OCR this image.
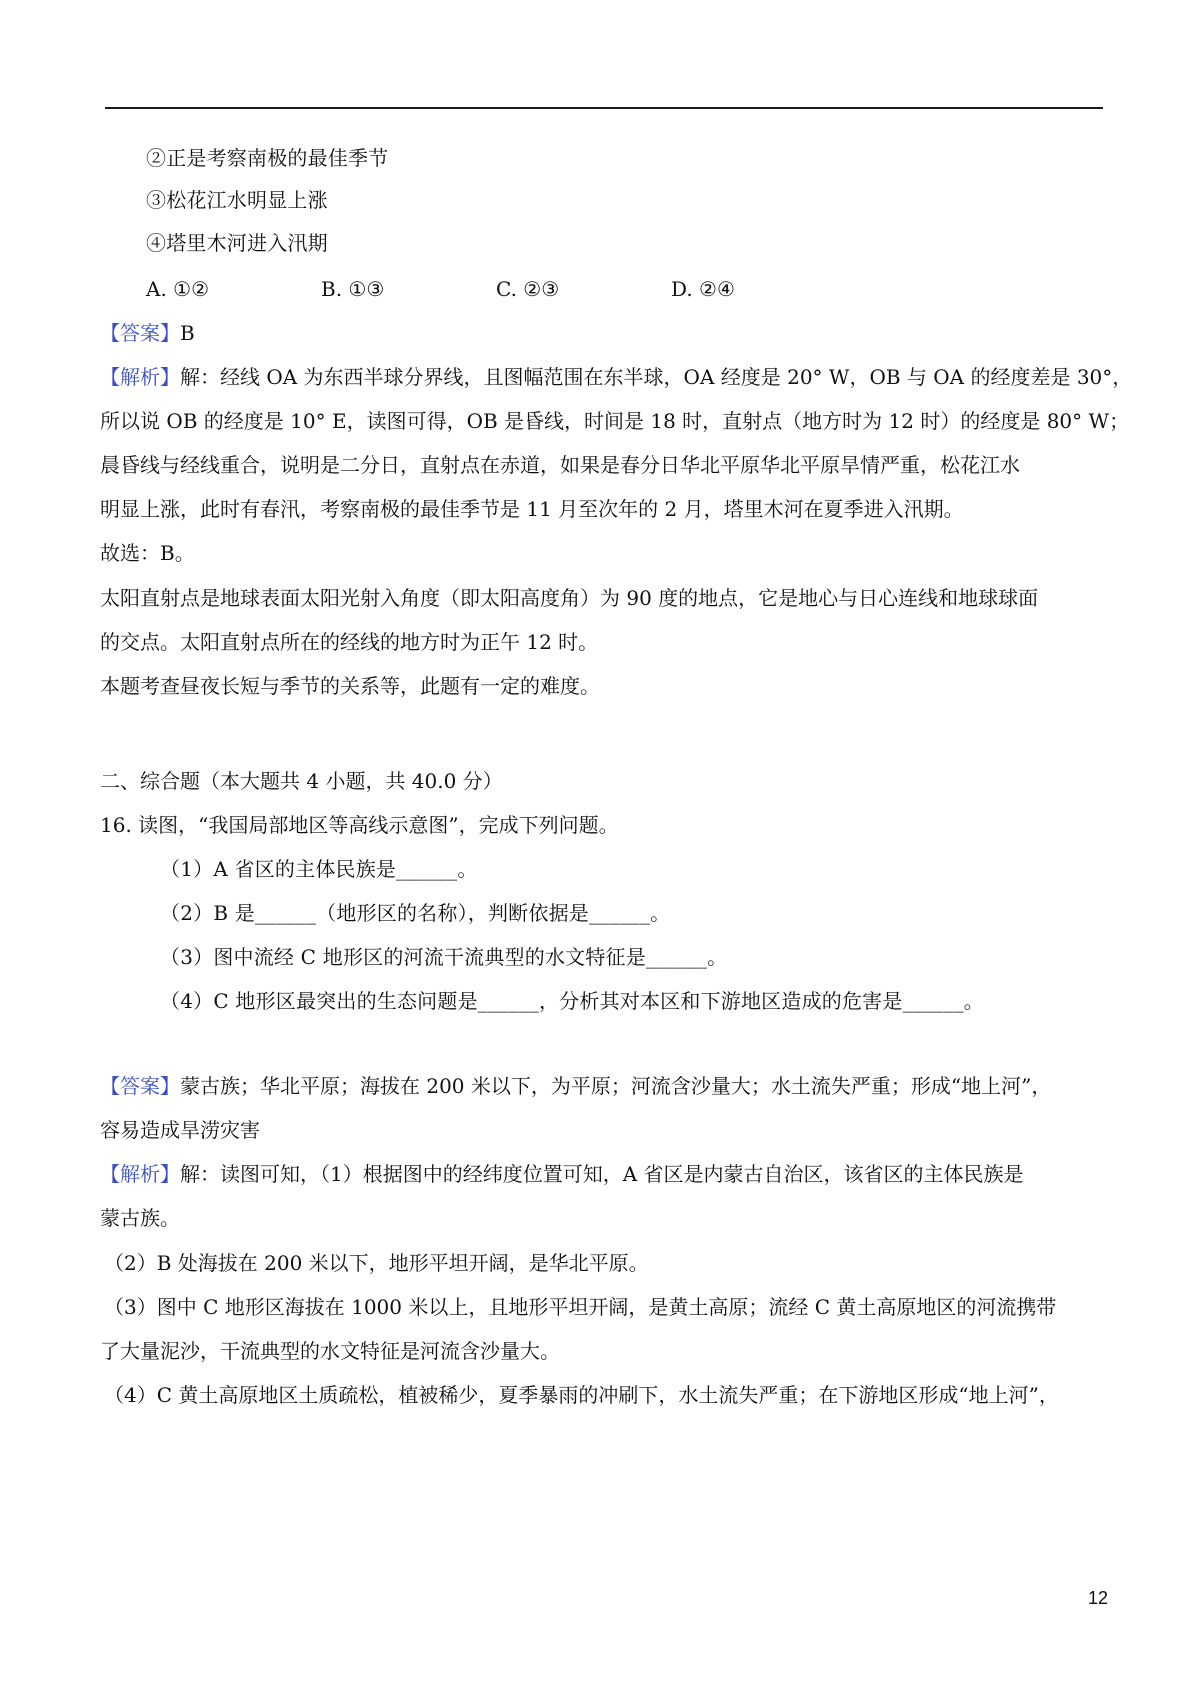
②正是考察南极的最佳季节
③松花江水明显上涨
④塔里木河进入汛期
A. ①②	B. ①③	C. ②③	D. ②④
【答案】B
【解析】解：经线 OA 为东西半球分界线，且图幅范围在东半球，OA 经度是 20° W，OB 与 OA 的经度差是 30°，
所以说 OB 的经度是 10° E，读图可得，OB 是昏线，时间是 18 时，直射点（地方时为 12 时）的经度是 80° W；
晨昏线与经线重合，说明是二分日，直射点在赤道，如果是春分日华北平原华北平原旱情严重，松花江水
明显上涨，此时有春汛，考察南极的最佳季节是 11 月至次年的 2 月，塔里木河在夏季进入汛期。
故选：B。
太阳直射点是地球表面太阳光射入角度（即太阳高度角）为 90 度的地点，它是地心与日心连线和地球球面
的交点。太阳直射点所在的经线的地方时为正午 12 时。
本题考查昼夜长短与季节的关系等，此题有一定的难度。
二、综合题（本大题共 4 小题，共 40.0 分）
16. 读图，“我国局部地区等高线示意图”，完成下列问题。
（1）A 省区的主体民族是______。
（2）B 是______（地形区的名称），判断依据是______。
（3）图中流经 C 地形区的河流干流典型的水文特征是______。
（4）C 地形区最突出的生态问题是______，分析其对本区和下游地区造成的危害是______。
【答案】蒙古族；华北平原；海拔在 200 米以下，为平原；河流含沙量大；水土流失严重；形成“地上河”，
容易造成旱涝灾害
【解析】解：读图可知，（1）根据图中的经纬度位置可知，A 省区是内蒙古自治区，该省区的主体民族是
蒙古族。
（2）B 处海拔在 200 米以下，地形平坦开阔，是华北平原。
（3）图中 C 地形区海拔在 1000 米以上，且地形平坦开阔，是黄土高原；流经 C 黄土高原地区的河流携带
了大量泥沙，干流典型的水文特征是河流含沙量大。
（4）C 黄土高原地区土质疏松，植被稀少，夏季暴雨的冲刷下，水土流失严重；在下游地区形成“地上河”，
12
